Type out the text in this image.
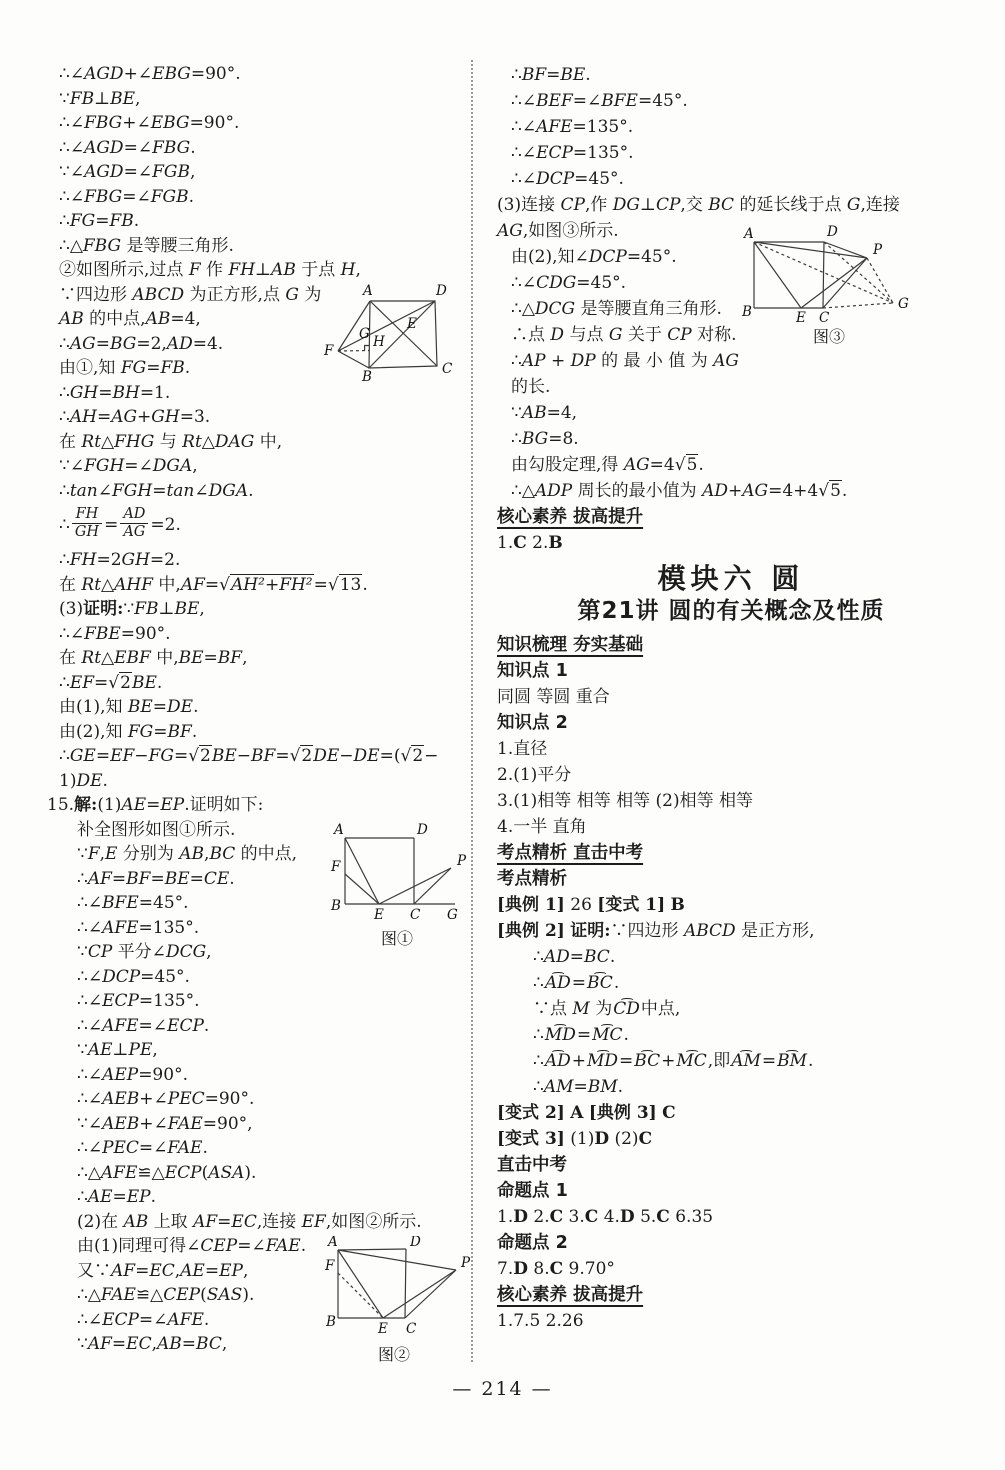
∴∠AGD+∠EBG=90°.
∵FB⊥BE,
∴∠FBG+∠EBG=90°.
∴∠AGD=∠FBG.
∵∠AGD=∠FGB,
∴∠FBG=∠FGB.
∴FG=FB.
∴△FBG 是等腰三角形.
②如图所示,过点 F 作 FH⊥AB 于点 H,
∵四边形 ABCD 为正方形,点 G 为
AB 的中点,AB=4,
∴AG=BG=2,AD=4.
由①,知 FG=FB.
∴GH=BH=1.
∴AH=AG+GH=3.
在 Rt△FHG 与 Rt△DAG 中,
∵∠FGH=∠DGA,
∴tan∠FGH=tan∠DGA.
∴ $\frac{FH}{GH} = \frac{AD}{AG} =2$.
∴FH=2GH=2.
在 Rt△AHF 中,AF=√AH²+FH²=√13.
(3)证明:∵FB⊥BE,
∴∠FBE=90°.
在 Rt△EBF 中,BE=BF,
∴EF=√2BE.
由(1),知 BE=DE.
由(2),知 FG=BF.
∴GE=EF−FG=√2BE−BF=√2DE−DE=(√2−
1)DE.
15.解:(1)AE=EP.证明如下:
补全图形如图①所示.
∵F,E 分别为 AB,BC 的中点,
∴AF=BF=BE=CE.
∴∠BFE=45°.
∴∠AFE=135°.
∵CP 平分∠DCG,
∴∠DCP=45°.
∴∠ECP=135°.
∴∠AFE=∠ECP.
∵AE⊥PE,
∴∠AEP=90°.
∴∠AEB+∠PEC=90°.
∵∠AEB+∠FAE=90°,
∴∠PEC=∠FAE.
∴△AFE≌△ECP(ASA).
∴AE=EP.
(2)在 AB 上取 AF=EC,连接 EF,如图②所示.
由(1)同理可得∠CEP=∠FAE.
又∵AF=EC,AE=EP,
∴△FAE≌△CEP(SAS).
∴∠ECP=∠AFE.
∵AF=EC,AB=BC,
∴BF=BE.
∴∠BEF=∠BFE=45°.
∴∠AFE=135°.
∴∠ECP=135°.
∴∠DCP=45°.
(3)连接 CP,作 DG⊥CP,交 BC 的延长线于点 G,连接
AG,如图③所示.
由(2),知∠DCP=45°.
∴∠CDG=45°.
∴△DCG 是等腰直角三角形.
∴点 D 与点 G 关于 CP 对称.
∴AP + DP 的 最 小 值 为 AG
的长.
∵AB=4,
∴BG=8.
由勾股定理,得 AG=4√5.
∴△ADP 周长的最小值为 AD+AG=4+4√5.
核心素养 拔高提升
1.C 2.B
模块六 圆
第21讲 圆的有关概念及性质
知识梳理 夯实基础
知识点 1
同圆 等圆 重合
知识点 2
1.直径
2.(1)平分
3.(1)相等 相等 相等 (2)相等 相等
4.一半 直角
考点精析 直击中考
考点精析
[典例 1] 26 [变式 1] B
[典例 2] 证明:∵四边形 ABCD 是正方形,
∴AD=BC.
∴⌢ AD=⌢ BC.
∵点 M 为⌢ CD中点,
∴⌢ MD=⌢ MC.
∴⌢ AD+⌢ MD=⌢ BC+⌢ MC,即⌢ AM=⌢ BM.
∴AM=BM.
[变式 2] A [典例 3] C
[变式 3] (1)D (2)C
直击中考
命题点 1
1.D 2.C 3.C 4.D 5.C 6.35
命题点 2
7.D 8.C 9.70°
核心素养 拔高提升
1.7.5 2.26
A	D
B	C
F
E
G H
A	D
B
E C G
F	P
图①
A	D
B	E C
F	P
图②
A	D
B	E C
P
G
图③
— 214 —
